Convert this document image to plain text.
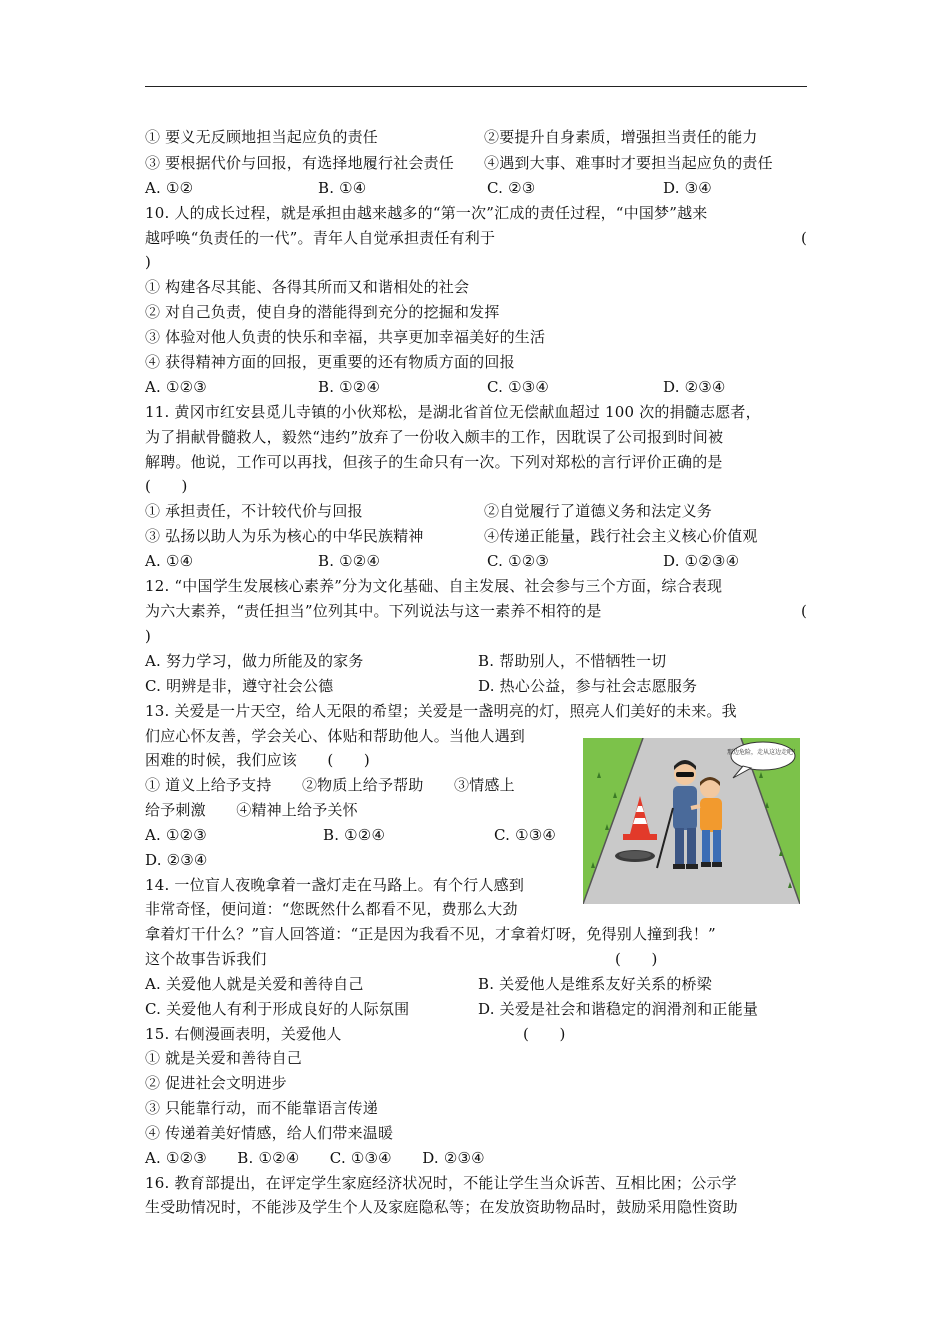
① 要义无反顾地担当起应负的责任	②要提升自身素质，增强担当责任的能力
③ 要根据代价与回报，有选择地履行社会责任 ④遇到大事、难事时才要担当起应负的责任
A. ①②	B. ①④	C. ②③	D. ③④
10. 人的成长过程，就是承担由越来越多的“第一次”汇成的责任过程，“中国梦”越来
越呼唤“负责任的一代”。青年人自觉承担责任有利于	(
)
① 构建各尽其能、各得其所而又和谐相处的社会
② 对自己负责，使自身的潜能得到充分的挖掘和发挥
③ 体验对他人负责的快乐和幸福，共享更加幸福美好的生活
④ 获得精神方面的回报，更重要的还有物质方面的回报
A. ①②③	B. ①②④	C. ①③④	D. ②③④
11. 黄冈市红安县觅儿寺镇的小伙郑松，是湖北省首位无偿献血超过 100 次的捐髓志愿者，
为了捐献骨髓救人，毅然“违约”放弃了一份收入颇丰的工作，因耽误了公司报到时间被
解聘。他说，工作可以再找，但孩子的生命只有一次。下列对郑松的言行评价正确的是
(　　)
① 承担责任，不计较代价与回报	②自觉履行了道德义务和法定义务
③ 弘扬以助人为乐为核心的中华民族精神	④传递正能量，践行社会主义核心价值观
A. ①④	B. ①②④	C. ①②③	D. ①②③④
12. “中国学生发展核心素养”分为文化基础、自主发展、社会参与三个方面，综合表现
为六大素养，“责任担当”位列其中。下列说法与这一素养不相符的是	(
)
A. 努力学习，做力所能及的家务	B. 帮助别人，不惜牺牲一切
C. 明辨是非，遵守社会公德	D. 热心公益，参与社会志愿服务
13. 关爱是一片天空，给人无限的希望；关爱是一盏明亮的灯，照亮人们美好的未来。我
们应心怀友善，学会关心、体贴和帮助他人。当他人遇到
困难的时候，我们应该　　(　　)
① 道义上给予支持　　②物质上给予帮助　　③情感上
给予刺激　　④精神上给予关怀
A. ①②③	B. ①②④	C. ①③④
D. ②③④
14. 一位盲人夜晚拿着一盏灯走在马路上。有个行人感到
非常奇怪，便问道：“您既然什么都看不见，费那么大劲
拿着灯干什么？”盲人回答道：“正是因为我看不见，才拿着灯呀，免得别人撞到我！”
这个故事告诉我们	(　　)
A. 关爱他人就是关爱和善待自己	B. 关爱他人是维系友好关系的桥梁
C. 关爱他人有利于形成良好的人际氛围	D. 关爱是社会和谐稳定的润滑剂和正能量
15. 右侧漫画表明，关爱他人	(　　)
① 就是关爱和善待自己
② 促进社会文明进步
③ 只能靠行动，而不能靠语言传递
④ 传递着美好情感，给人们带来温暖
A. ①②③　　B. ①②④　　C. ①③④　　D. ②③④
16. 教育部提出，在评定学生家庭经济状况时，不能让学生当众诉苦、互相比困；公示学
生受助情况时，不能涉及学生个人及家庭隐私等；在发放资助物品时，鼓励采用隐性资助
那边危险，走从这边走吧！
